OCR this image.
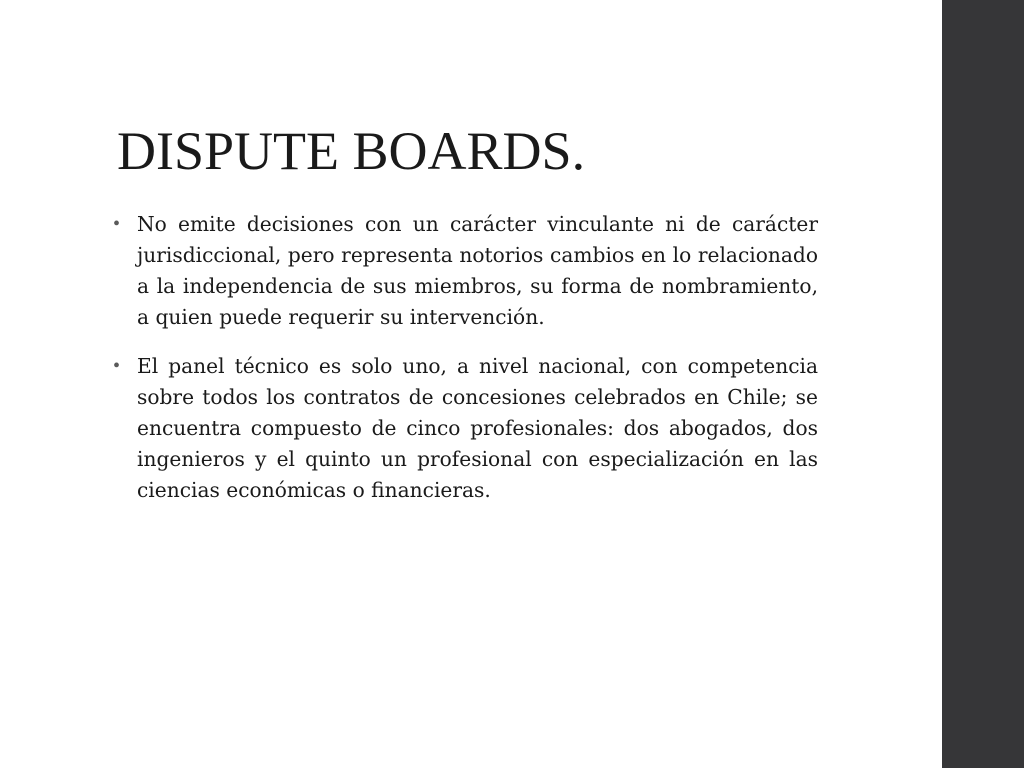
DISPUTE BOARDS.
• No emite decisiones con un carácter vinculante ni de carácter jurisdiccional, pero representa notorios cambios en lo relacionado a la independencia de sus miembros, su forma de nombramiento, a quien puede requerir su intervención.
• El panel técnico es solo uno, a nivel nacional, con competencia sobre todos los contratos de concesiones celebrados en Chile; se encuentra compuesto de cinco profesionales: dos abogados, dos ingenieros y el quinto un profesional con especialización en las ciencias económicas o financieras.
